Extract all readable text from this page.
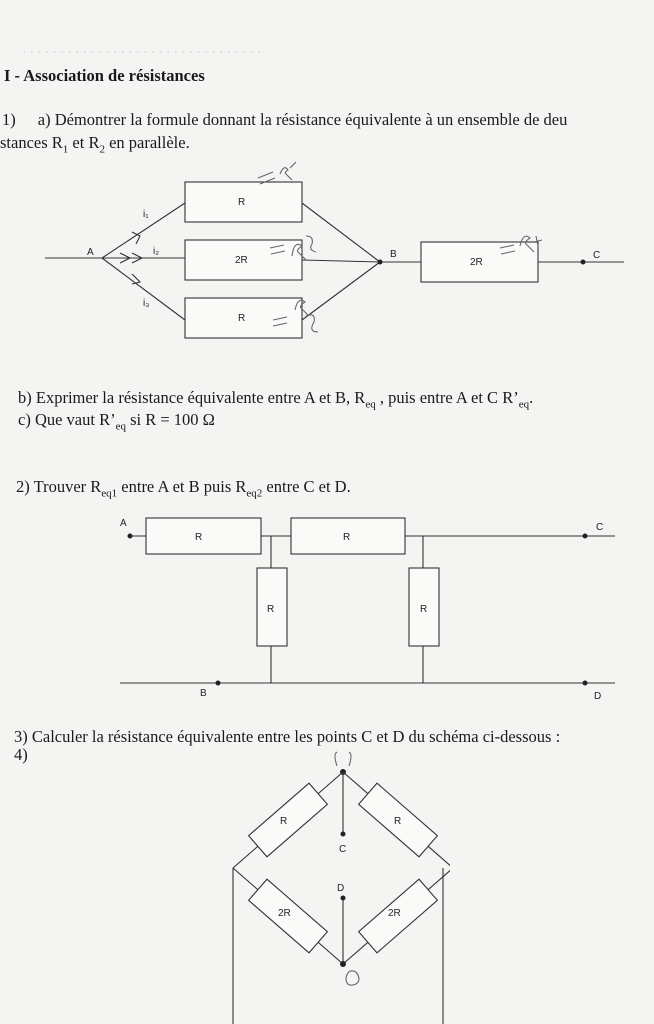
· · · · · · · · · · · · · · · · · · · · · · · · · · · · · · · ·
I - Association de résistances
1) a) Démontrer la formule donnant la résistance équivalente à un ensemble de deu
stances $R_1$ et $R_2$ en parallèle.
A	B	C
i₁
i₂
i₃
R
2R
R
2R
b) Exprimer la résistance équivalente entre A et B, $R_{eq}$ , puis entre A et C $R’_{eq}$.
c) Que vaut $R’_{eq}$ si R = 100 Ω
2) Trouver $R_{eq1}$ entre A et B puis $R_{eq2}$ entre C et D.
A
B
C
D
R	R
R	R
3) Calculer la résistance équivalente entre les points C et D du schéma ci-dessous :
4)
C
D
R	R
2R	2R
